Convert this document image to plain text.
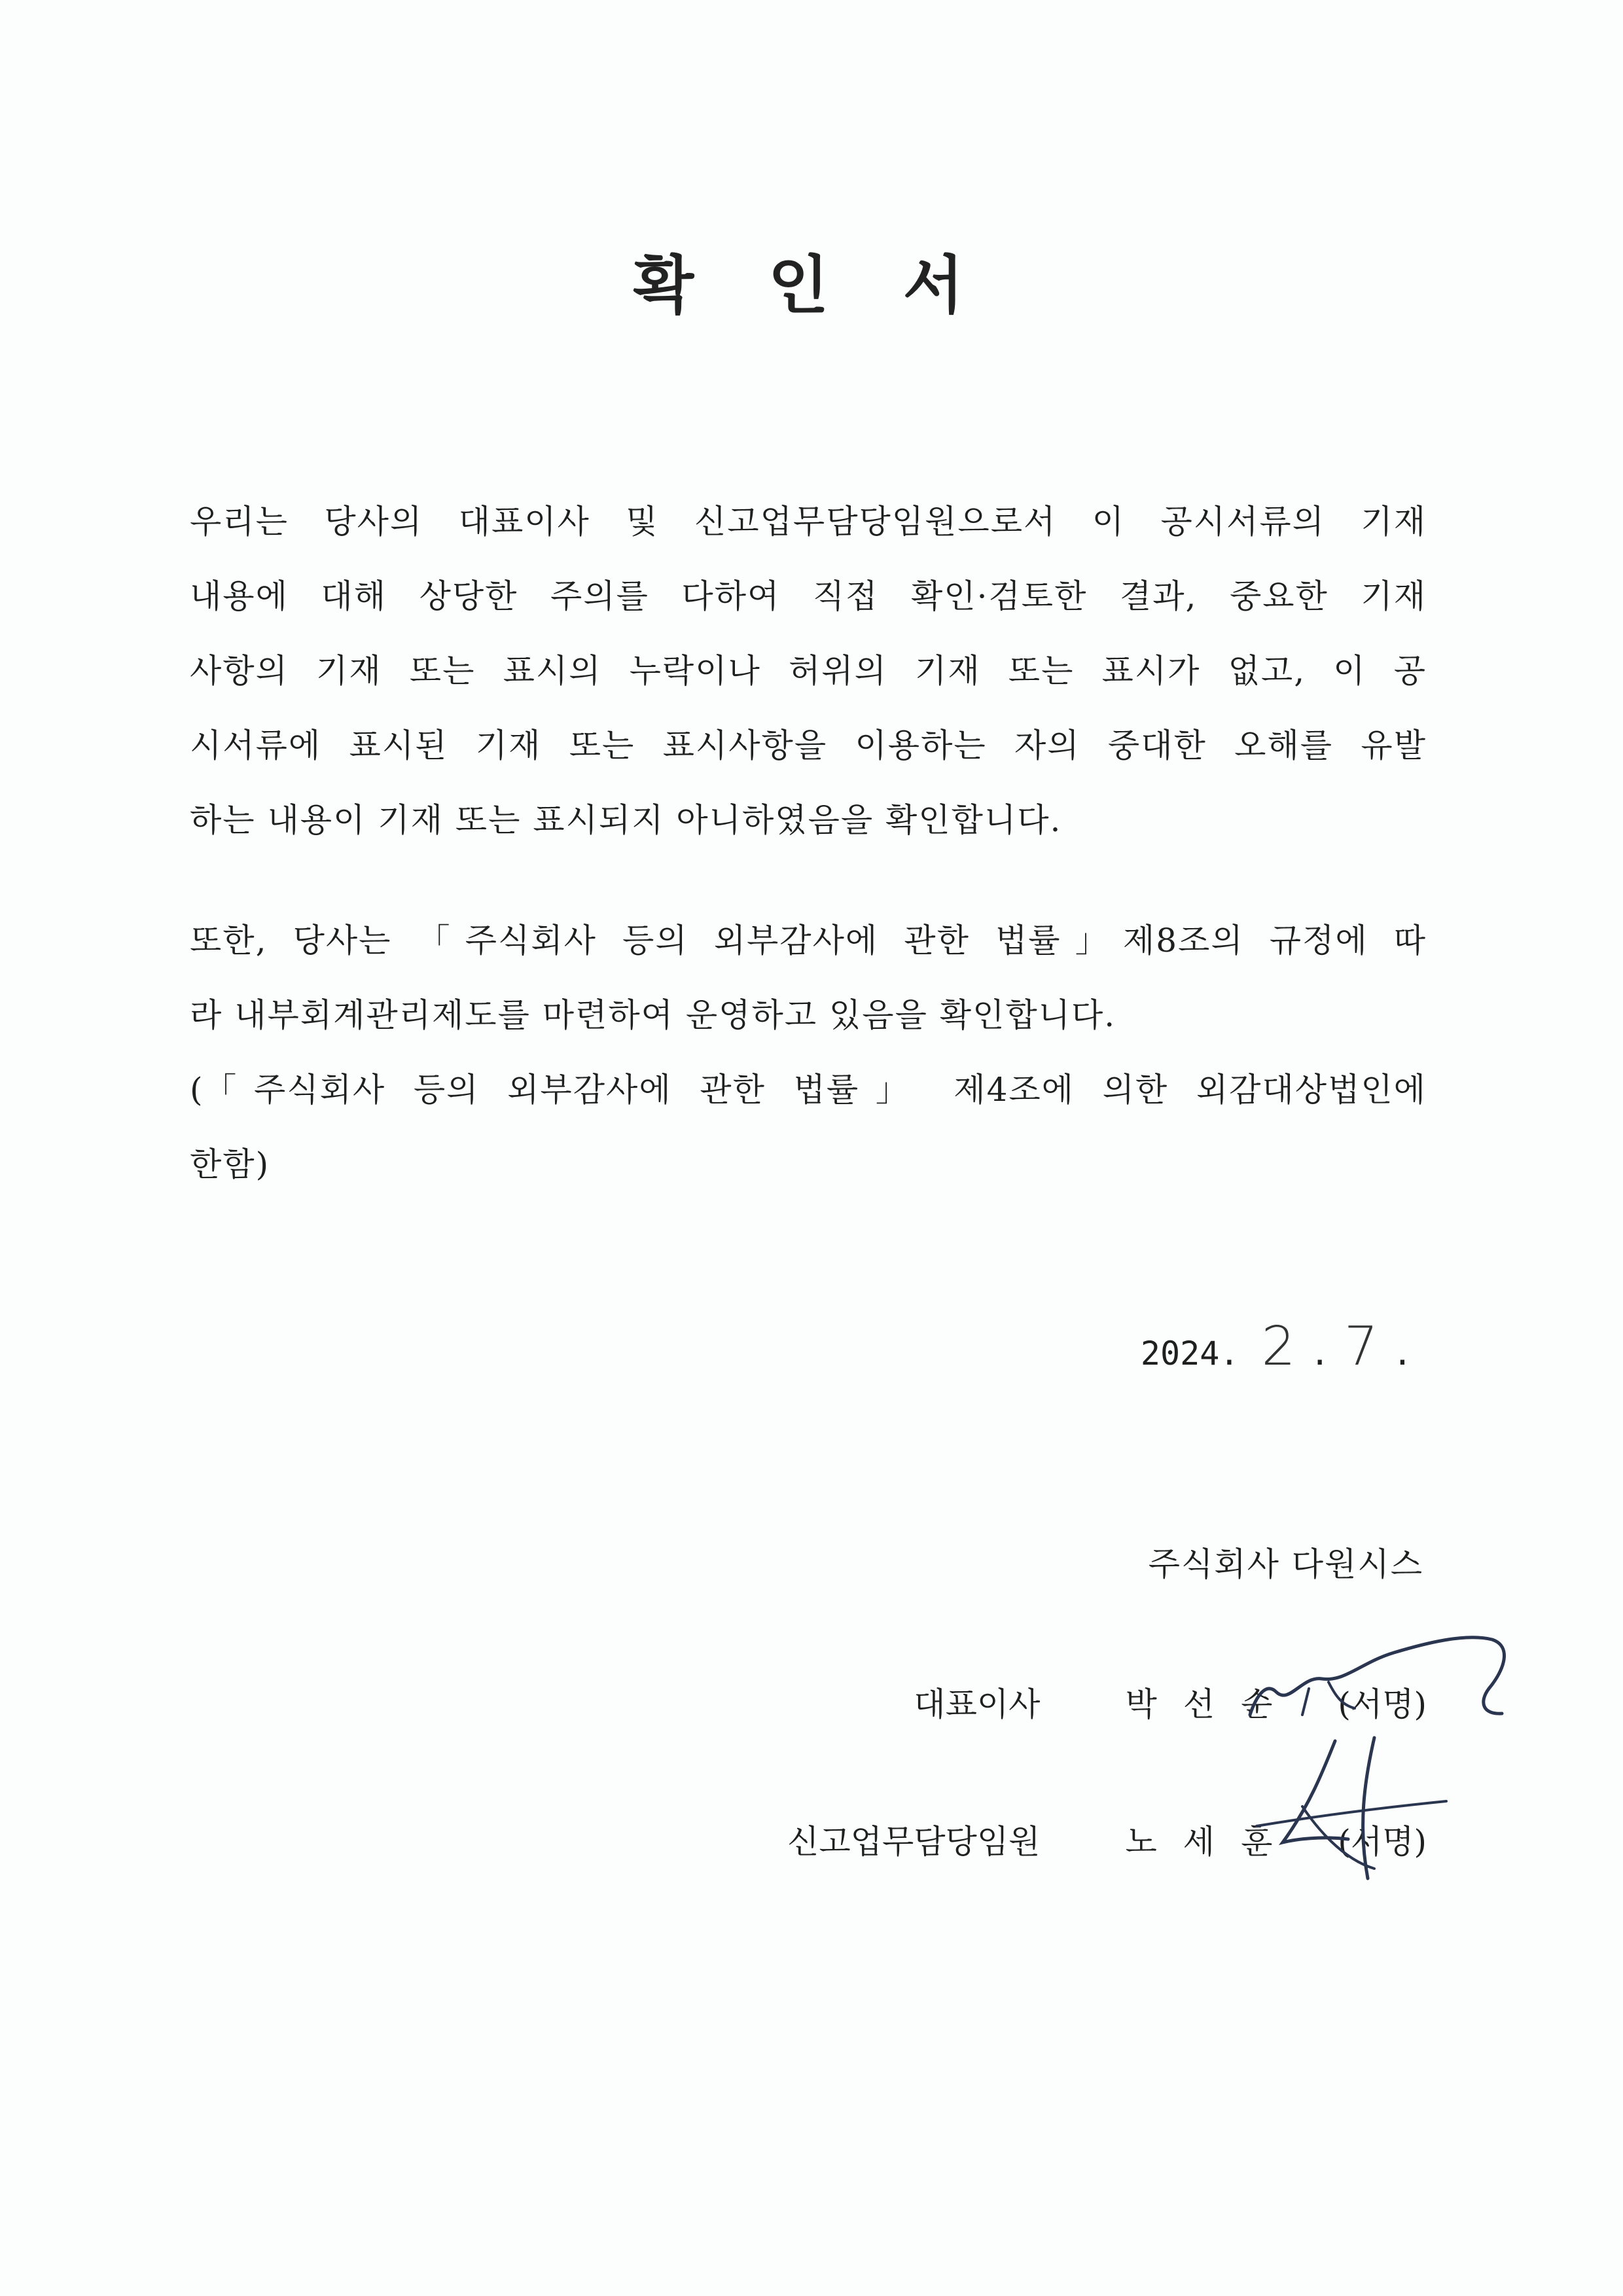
확 인 서
우리는 당사의 대표이사 및 신고업무담당임원으로서 이 공시서류의 기재
내용에 대해 상당한 주의를 다하여 직접 확인·검토한 결과, 중요한 기재
사항의 기재 또는 표시의 누락이나 허위의 기재 또는 표시가 없고, 이 공
시서류에 표시된 기재 또는 표시사항을 이용하는 자의 중대한 오해를 유발
하는 내용이 기재 또는 표시되지 아니하였음을 확인합니다.
또한, 당사는 「주식회사 등의 외부감사에 관한 법률」제8조의 규정에 따
라 내부회계관리제도를 마련하여 운영하고 있음을 확인합니다.
(「주식회사 등의 외부감사에 관한 법률」 제4조에 의한 외감대상법인에
한함)
2024. 2 . 7 .
주식회사 다원시스
대표이사	박선순 (서명)
신고업무담당임원	노세훈 (서명)
